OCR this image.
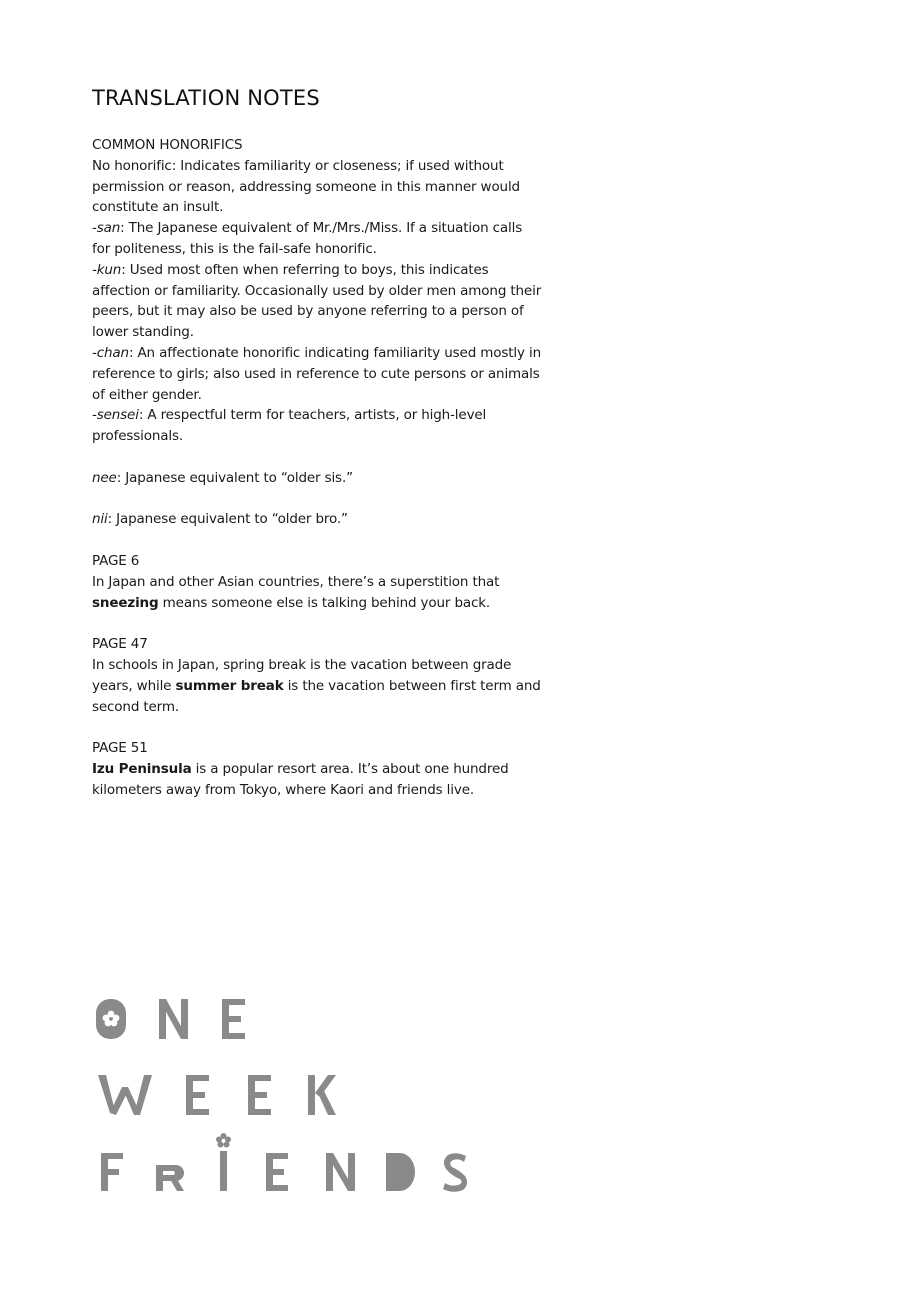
TRANSLATION NOTES

COMMON HONORIFICS

No honorific: Indicates familiarity or closeness; if used without permission or reason, addressing someone in this manner would constitute an insult.

-san: The Japanese equivalent of Mr./Mrs./Miss. If a situation calls for politeness, this is the fail-safe honorific.

-kun: Used most often when referring to boys, this indicates affection or familiarity. Occasionally used by older men among their peers, but it may also be used by anyone referring to a person of lower standing.

-chan: An affectionate honorific indicating familiarity used mostly in reference to girls; also used in reference to cute persons or animals of either gender.

-sensei: A respectful term for teachers, artists, or high-level professionals.

nee: Japanese equivalent to “older sis.”

nii: Japanese equivalent to “older bro.”

PAGE 6

In Japan and other Asian countries, there’s a superstition that sneezing means someone else is talking behind your back.

PAGE 47

In schools in Japan, spring break is the vacation between grade years, while summer break is the vacation between first term and second term.

PAGE 51

Izu Peninsula is a popular resort area. It’s about one hundred kilometers away from Tokyo, where Kaori and friends live.

ONE
WEEK
FRIENDS
